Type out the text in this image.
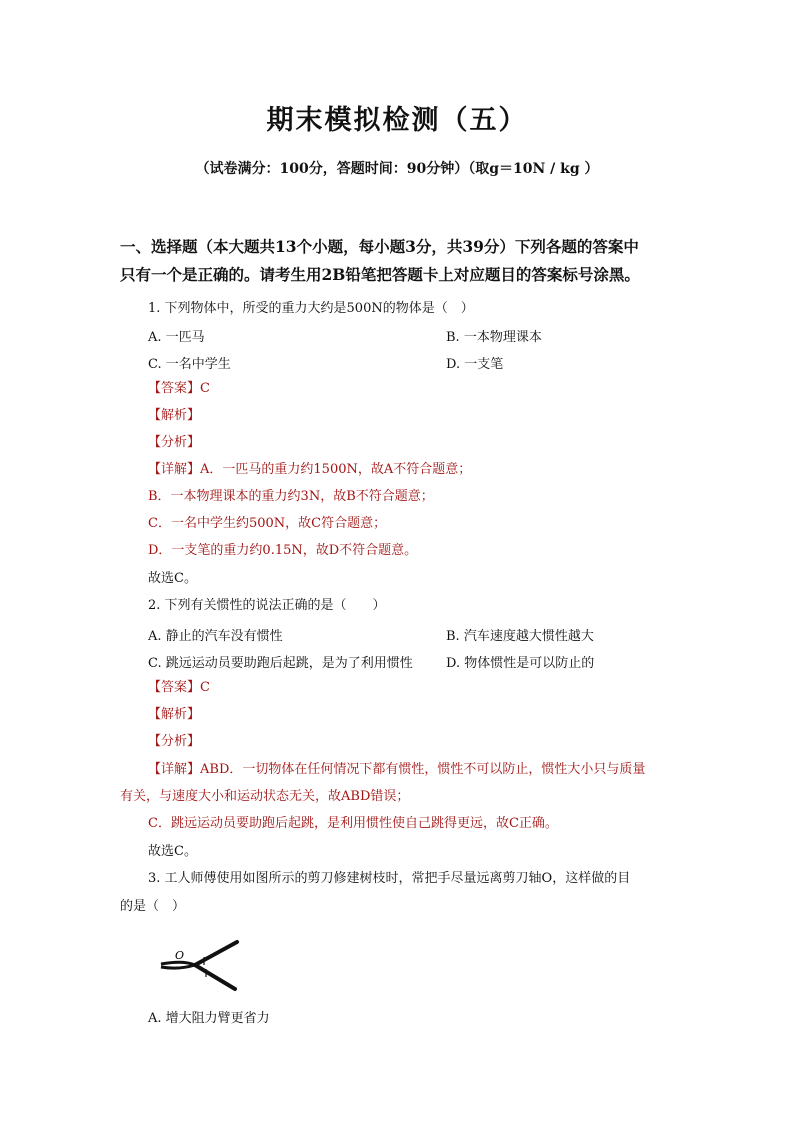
期末模拟检测（五）
（试卷满分：100分，答题时间：90分钟）（取g＝10N / kg ）
一、选择题（本大题共13个小题，每小题3分，共39分）下列各题的答案中
只有一个是正确的。请考生用2B铅笔把答题卡上对应题目的答案标号涂黑。
1. 下列物体中，所受的重力大约是500N的物体是（　）
A. 一匹马	B. 一本物理课本
C. 一名中学生	D. 一支笔
【答案】C
【解析】
【分析】
【详解】A．一匹马的重力约1500N，故A不符合题意；
B．一本物理课本的重力约3N，故B不符合题意；
C．一名中学生约500N，故C符合题意；
D．一支笔的重力约0.15N，故D不符合题意。
故选C。
2. 下列有关惯性的说法正确的是（　　）
A. 静止的汽车没有惯性	B. 汽车速度越大惯性越大
C. 跳远运动员要助跑后起跳，是为了利用惯性	D. 物体惯性是可以防止的
【答案】C
【解析】
【分析】
【详解】ABD．一切物体在任何情况下都有惯性，惯性不可以防止，惯性大小只与质量
有关，与速度大小和运动状态无关，故ABD错误；
C．跳远运动员要助跑后起跳，是利用惯性使自己跳得更远，故C正确。
故选C。
3. 工人师傅使用如图所示的剪刀修建树枝时，常把手尽量远离剪刀轴O，这样做的目
的是（　）
O
A. 增大阻力臂更省力
